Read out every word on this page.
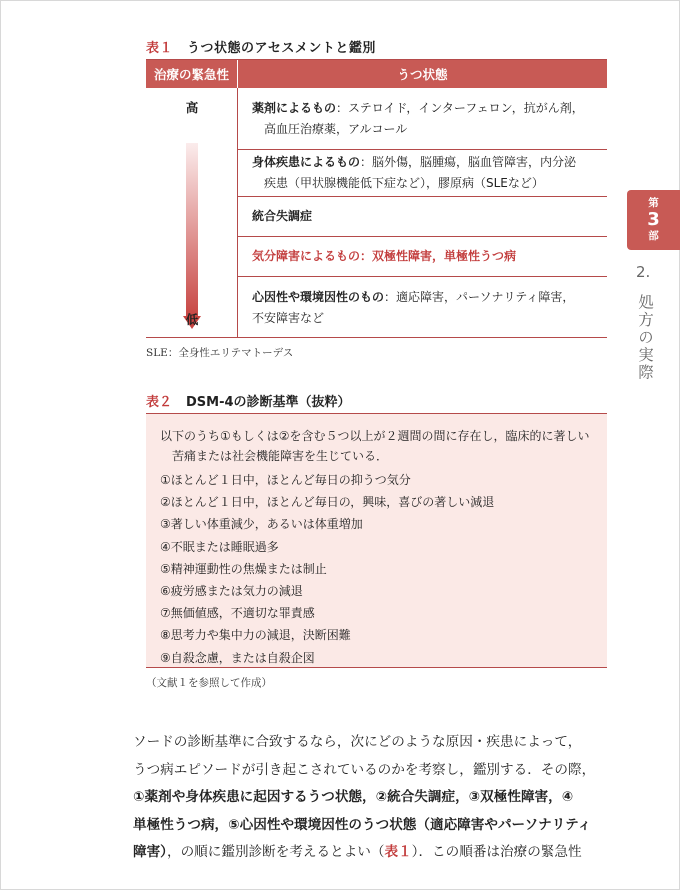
表１ うつ状態のアセスメントと鑑別
治療の緊急性	うつ状態
高
低
薬剤によるもの：ステロイド，インターフェロン，抗がん剤，
高血圧治療薬，アルコール
身体疾患によるもの：脳外傷，脳腫瘍，脳血管障害，内分泌
疾患（甲状腺機能低下症など），膠原病（SLEなど）
統合失調症
気分障害によるもの：双極性障害，単極性うつ病
心因性や環境因性のもの：適応障害，パーソナリティ障害，
不安障害など
SLE：全身性エリテマトーデス
表２ DSM-4の診断基準（抜粋）
以下のうち①もしくは②を含む５つ以上が２週間の間に存在し，臨床的に著しい苦痛または社会機能障害を生じている．
①ほとんど１日中，ほとんど毎日の抑うつ気分
②ほとんど１日中，ほとんど毎日の，興味，喜びの著しい減退
③著しい体重減少，あるいは体重増加
④不眠または睡眠過多
⑤精神運動性の焦燥または制止
⑥疲労感または気力の減退
⑦無価値感，不適切な罪責感
⑧思考力や集中力の減退，決断困難
⑨自殺念慮，または自殺企図
（文献１を参照して作成）
ソードの診断基準に合致するなら，次にどのような原因・疾患によって，
うつ病エピソードが引き起こされているのかを考察し，鑑別する．その際，
①薬剤や身体疾患に起因するうつ状態，②統合失調症，③双極性障害，④
単極性うつ病，⑤心因性や環境因性のうつ状態（適応障害やパーソナリティ
障害），の順に鑑別診断を考えるとよい（表１）．この順番は治療の緊急性
第
3
部
2.
処方の実際
